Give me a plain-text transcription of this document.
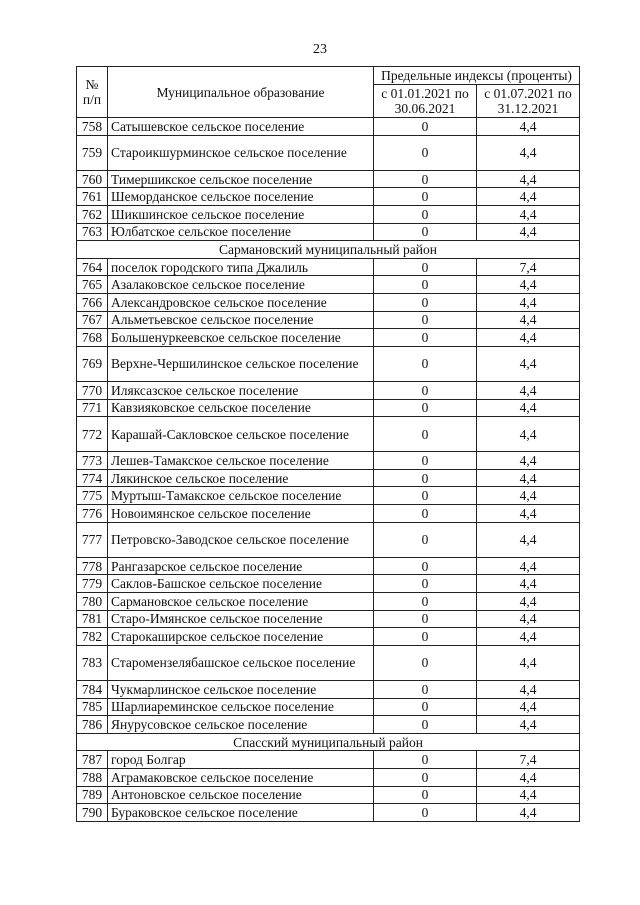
23
№ п/п	Муниципальное образование	Предельные индексы (проценты)	
		с 01.01.2021 по 30.06.2021	с 01.07.2021 по 31.12.2021
758	Сатышевское сельское поселение	0	4,4
759	Староикшурминское сельское поселение	0	4,4
760	Тимершикское сельское поселение	0	4,4
761	Шеморданское сельское поселение	0	4,4
762	Шикшинское сельское поселение	0	4,4
763	Юлбатское сельское поселение	0	4,4
Сармановский муниципальный район			
764	поселок городского типа Джалиль	0	7,4
765	Азалаковское сельское поселение	0	4,4
766	Александровское сельское поселение	0	4,4
767	Альметьевское сельское поселение	0	4,4
768	Большенуркеевское сельское поселение	0	4,4
769	Верхне-Чершилинское сельское поселение	0	4,4
770	Иляксазское сельское поселение	0	4,4
771	Кавзияковское сельское поселение	0	4,4
772	Карашай-Сакловское сельское поселение	0	4,4
773	Лешев-Тамакское сельское поселение	0	4,4
774	Лякинское сельское поселение	0	4,4
775	Муртыш-Тамакское сельское поселение	0	4,4
776	Новоимянское сельское поселение	0	4,4
777	Петровско-Заводское сельское поселение	0	4,4
778	Рангазарское сельское поселение	0	4,4
779	Саклов-Башское сельское поселение	0	4,4
780	Сармановское сельское поселение	0	4,4
781	Старо-Имянское сельское поселение	0	4,4
782	Старокаширское сельское поселение	0	4,4
783	Старомензелябашское сельское поселение	0	4,4
784	Чукмарлинское сельское поселение	0	4,4
785	Шарлиареминское сельское поселение	0	4,4
786	Янурусовское сельское поселение	0	4,4
Спасский муниципальный район			
787	город Болгар	0	7,4
788	Аграмаковское сельское поселение	0	4,4
789	Антоновское сельское поселение	0	4,4
790	Бураковское сельское поселение	0	4,4
